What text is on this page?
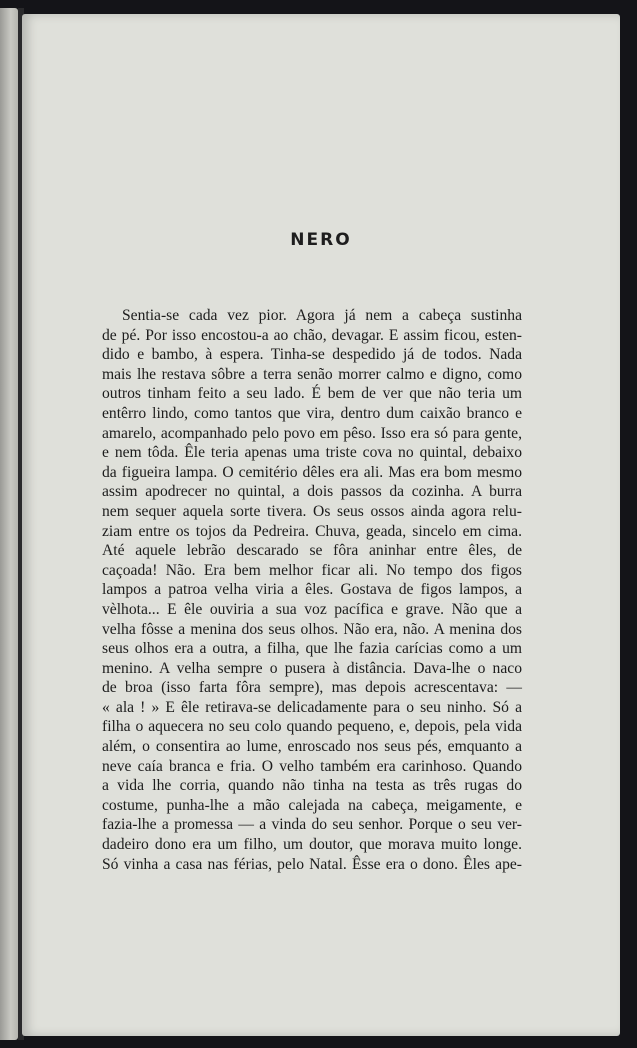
NERO
Sentia-se cada vez pior. Agora já nem a cabeça sustinha
de pé. Por isso encostou-a ao chão, devagar. E assim ficou, esten-
dido e bambo, à espera. Tinha-se despedido já de todos. Nada
mais lhe restava sôbre a terra senão morrer calmo e digno, como
outros tinham feito a seu lado. É bem de ver que não teria um
entêrro lindo, como tantos que vira, dentro dum caixão branco e
amarelo, acompanhado pelo povo em pêso. Isso era só para gente,
e nem tôda. Êle teria apenas uma triste cova no quintal, debaixo
da figueira lampa. O cemitério dêles era ali. Mas era bom mesmo
assim apodrecer no quintal, a dois passos da cozinha. A burra
nem sequer aquela sorte tivera. Os seus ossos ainda agora relu-
ziam entre os tojos da Pedreira. Chuva, geada, sincelo em cima.
Até aquele lebrão descarado se fôra aninhar entre êles, de
caçoada! Não. Era bem melhor ficar ali. No tempo dos figos
lampos a patroa velha viria a êles. Gostava de figos lampos, a
vèlhota... E êle ouviria a sua voz pacífica e grave. Não que a
velha fôsse a menina dos seus olhos. Não era, não. A menina dos
seus olhos era a outra, a filha, que lhe fazia carícias como a um
menino. A velha sempre o pusera à distância. Dava-lhe o naco
de broa (isso farta fôra sempre), mas depois acrescentava: —
« ala ! » E êle retirava-se delicadamente para o seu ninho. Só a
filha o aquecera no seu colo quando pequeno, e, depois, pela vida
além, o consentira ao lume, enroscado nos seus pés, emquanto a
neve caía branca e fria. O velho também era carinhoso. Quando
a vida lhe corria, quando não tinha na testa as três rugas do
costume, punha-lhe a mão calejada na cabeça, meigamente, e
fazia-lhe a promessa — a vinda do seu senhor. Porque o seu ver-
dadeiro dono era um filho, um doutor, que morava muito longe.
Só vinha a casa nas férias, pelo Natal. Êsse era o dono. Êles ape-
